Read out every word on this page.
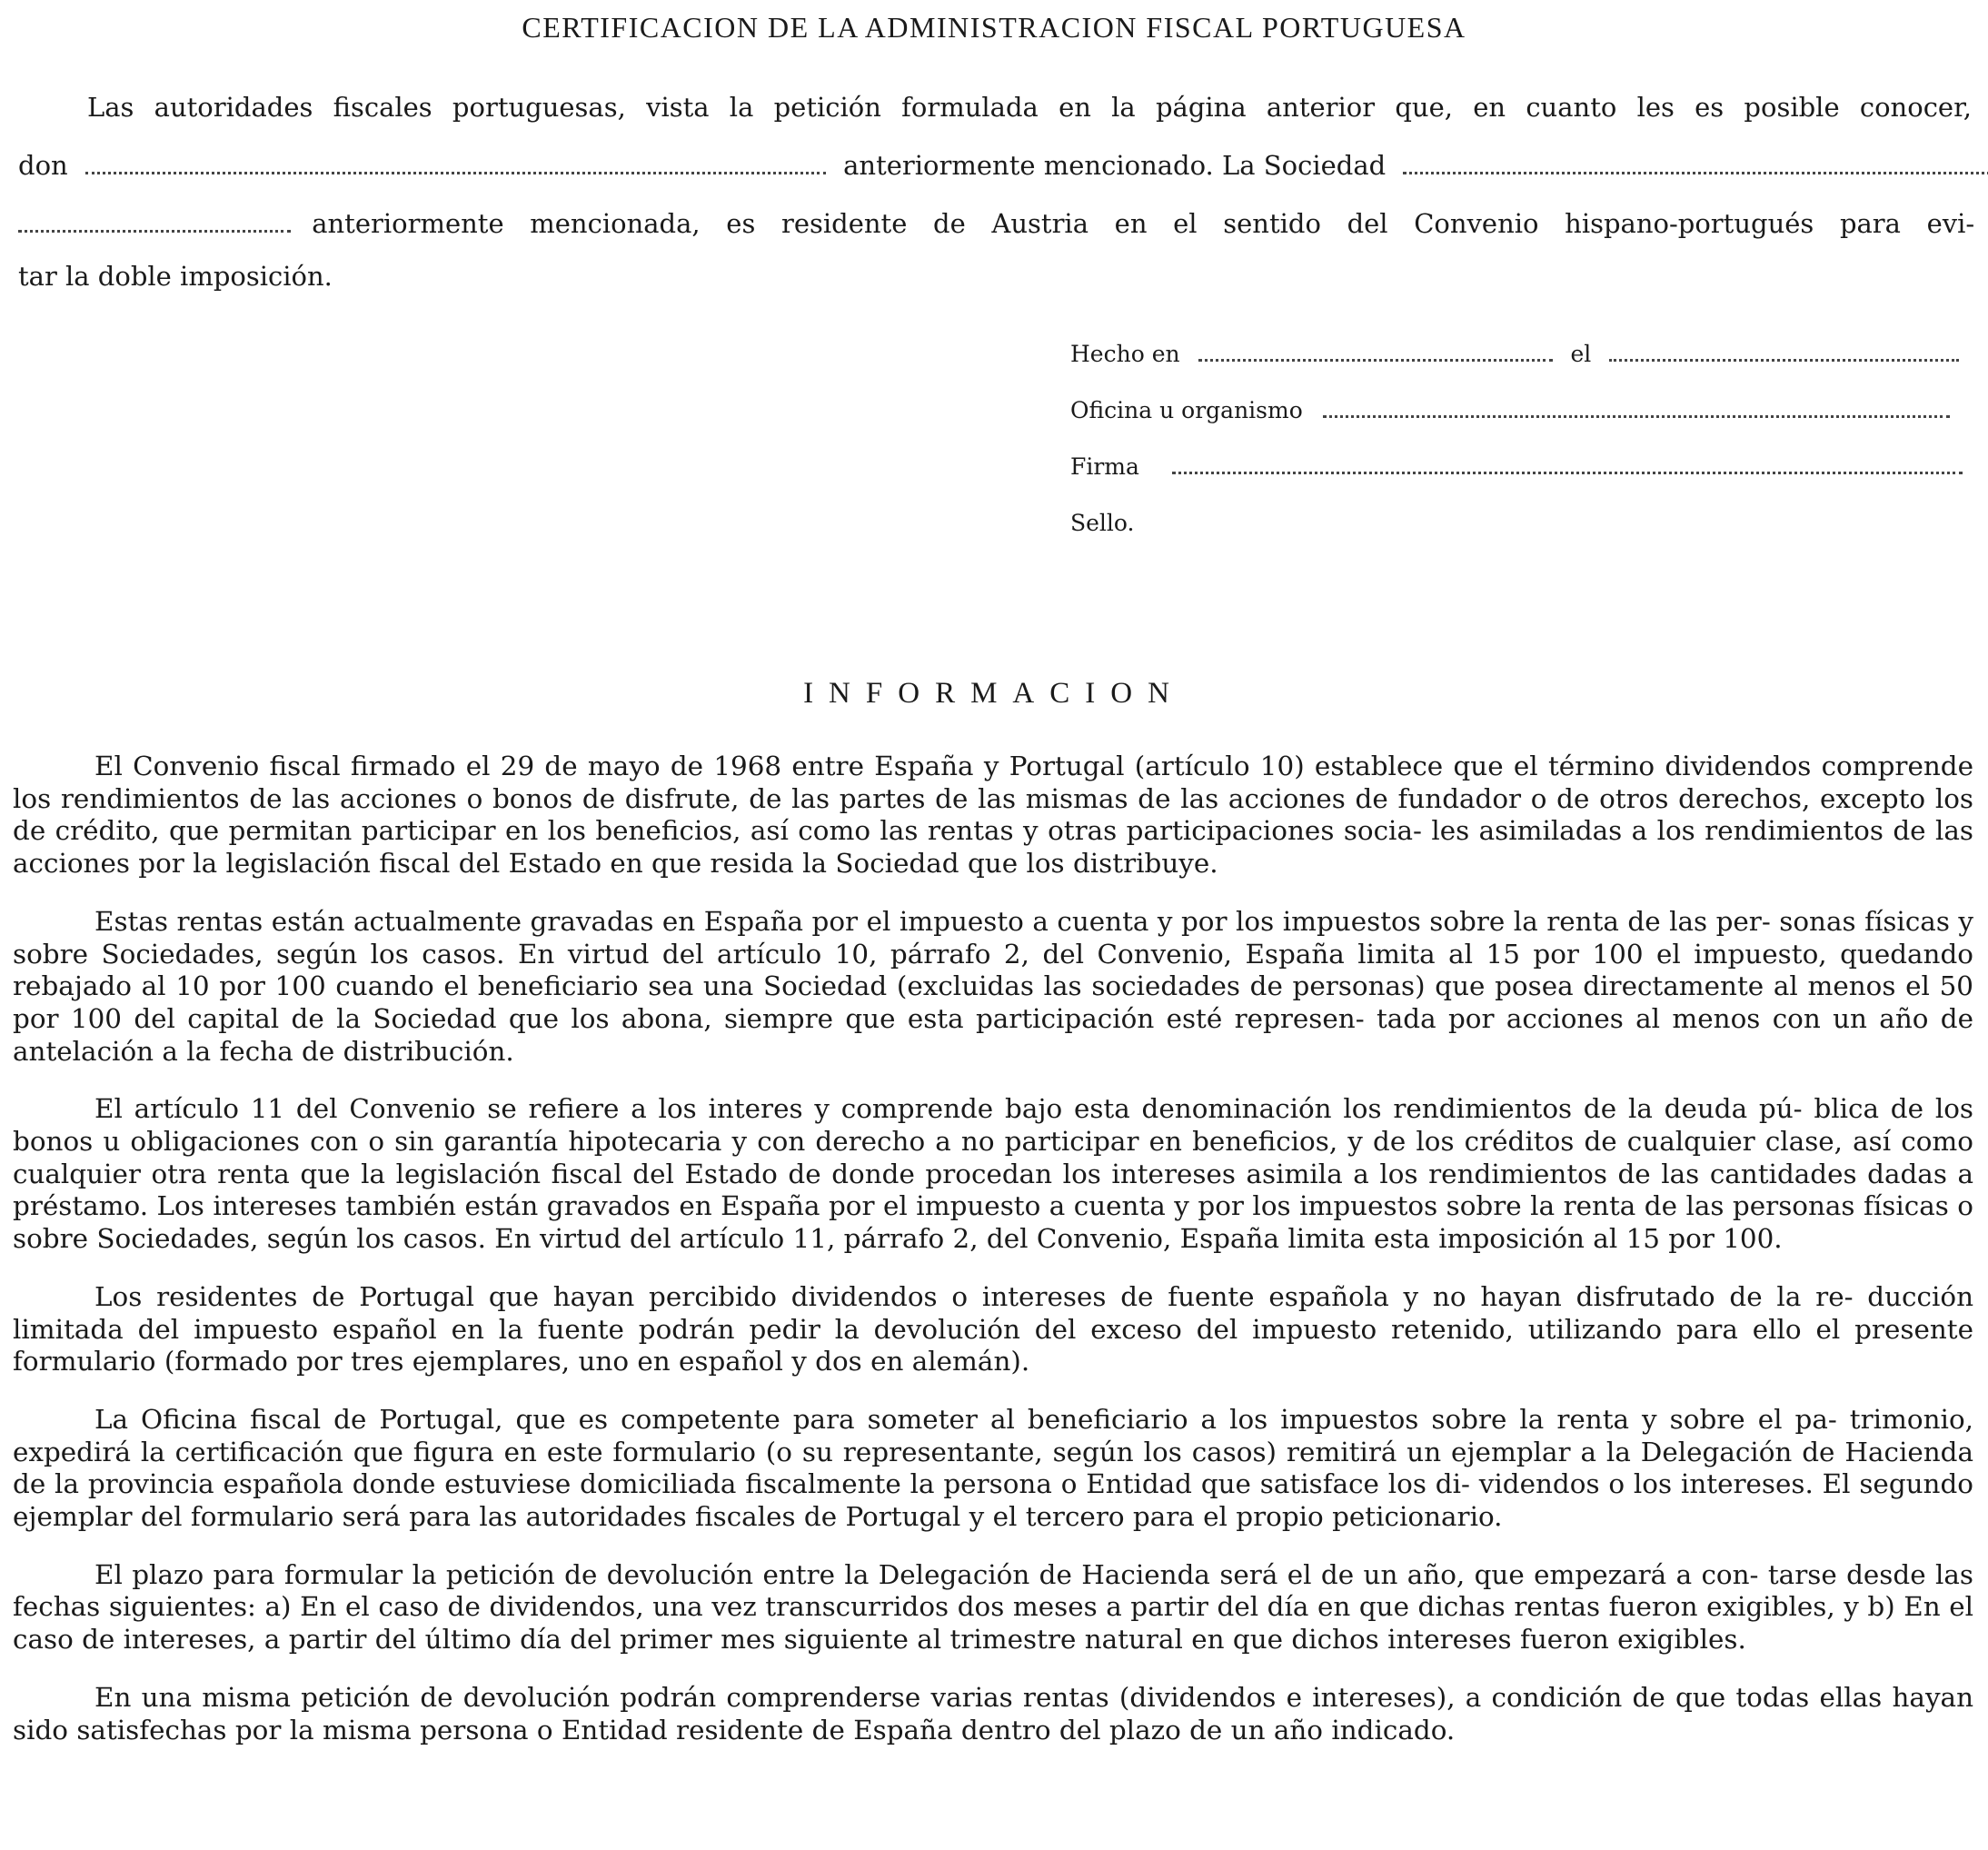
CERTIFICACION DE LA ADMINISTRACION FISCAL PORTUGUESA
Las autoridades fiscales portuguesas, vista la petición formulada en la página anterior que, en cuanto les es posible conocer,
don	anteriormente mencionado. La Sociedad
anteriormente mencionada, es residente de Austria en el sentido del Convenio hispano-portugués para evi-
tar la doble imposición.
Hecho en	el
Oficina u organismo
Firma
Sello.
INFORMACION

El Convenio fiscal firmado el 29 de mayo de 1968 entre España y Portugal (artículo 10) establece que el término dividendos comprende los rendimientos de las acciones o bonos de disfrute, de las partes de las mismas de las acciones de fundador o de otros derechos, excepto los de crédito, que permitan participar en los beneficios, así como las rentas y otras participaciones socia- les asimiladas a los rendimientos de las acciones por la legislación fiscal del Estado en que resida la Sociedad que los distribuye.

Estas rentas están actualmente gravadas en España por el impuesto a cuenta y por los impuestos sobre la renta de las per- sonas físicas y sobre Sociedades, según los casos. En virtud del artículo 10, párrafo 2, del Convenio, España limita al 15 por 100 el impuesto, quedando rebajado al 10 por 100 cuando el beneficiario sea una Sociedad (excluidas las sociedades de personas) que posea directamente al menos el 50 por 100 del capital de la Sociedad que los abona, siempre que esta participación esté represen- tada por acciones al menos con un año de antelación a la fecha de distribución.

El artículo 11 del Convenio se refiere a los interes y comprende bajo esta denominación los rendimientos de la deuda pú- blica de los bonos u obligaciones con o sin garantía hipotecaria y con derecho a no participar en beneficios, y de los créditos de cualquier clase, así como cualquier otra renta que la legislación fiscal del Estado de donde procedan los intereses asimila a los rendimientos de las cantidades dadas a préstamo. Los intereses también están gravados en España por el impuesto a cuenta y por los impuestos sobre la renta de las personas físicas o sobre Sociedades, según los casos. En virtud del artículo 11, párrafo 2, del Convenio, España limita esta imposición al 15 por 100.

Los residentes de Portugal que hayan percibido dividendos o intereses de fuente española y no hayan disfrutado de la re- ducción limitada del impuesto español en la fuente podrán pedir la devolución del exceso del impuesto retenido, utilizando para ello el presente formulario (formado por tres ejemplares, uno en español y dos en alemán).

La Oficina fiscal de Portugal, que es competente para someter al beneficiario a los impuestos sobre la renta y sobre el pa- trimonio, expedirá la certificación que figura en este formulario (o su representante, según los casos) remitirá un ejemplar a la Delegación de Hacienda de la provincia española donde estuviese domiciliada fiscalmente la persona o Entidad que satisface los di- videndos o los intereses. El segundo ejemplar del formulario será para las autoridades fiscales de Portugal y el tercero para el propio peticionario.

El plazo para formular la petición de devolución entre la Delegación de Hacienda será el de un año, que empezará a con- tarse desde las fechas siguientes: a) En el caso de dividendos, una vez transcurridos dos meses a partir del día en que dichas rentas fueron exigibles, y b) En el caso de intereses, a partir del último día del primer mes siguiente al trimestre natural en que dichos intereses fueron exigibles.

En una misma petición de devolución podrán comprenderse varias rentas (dividendos e intereses), a condición de que todas ellas hayan sido satisfechas por la misma persona o Entidad residente de España dentro del plazo de un año indicado.
